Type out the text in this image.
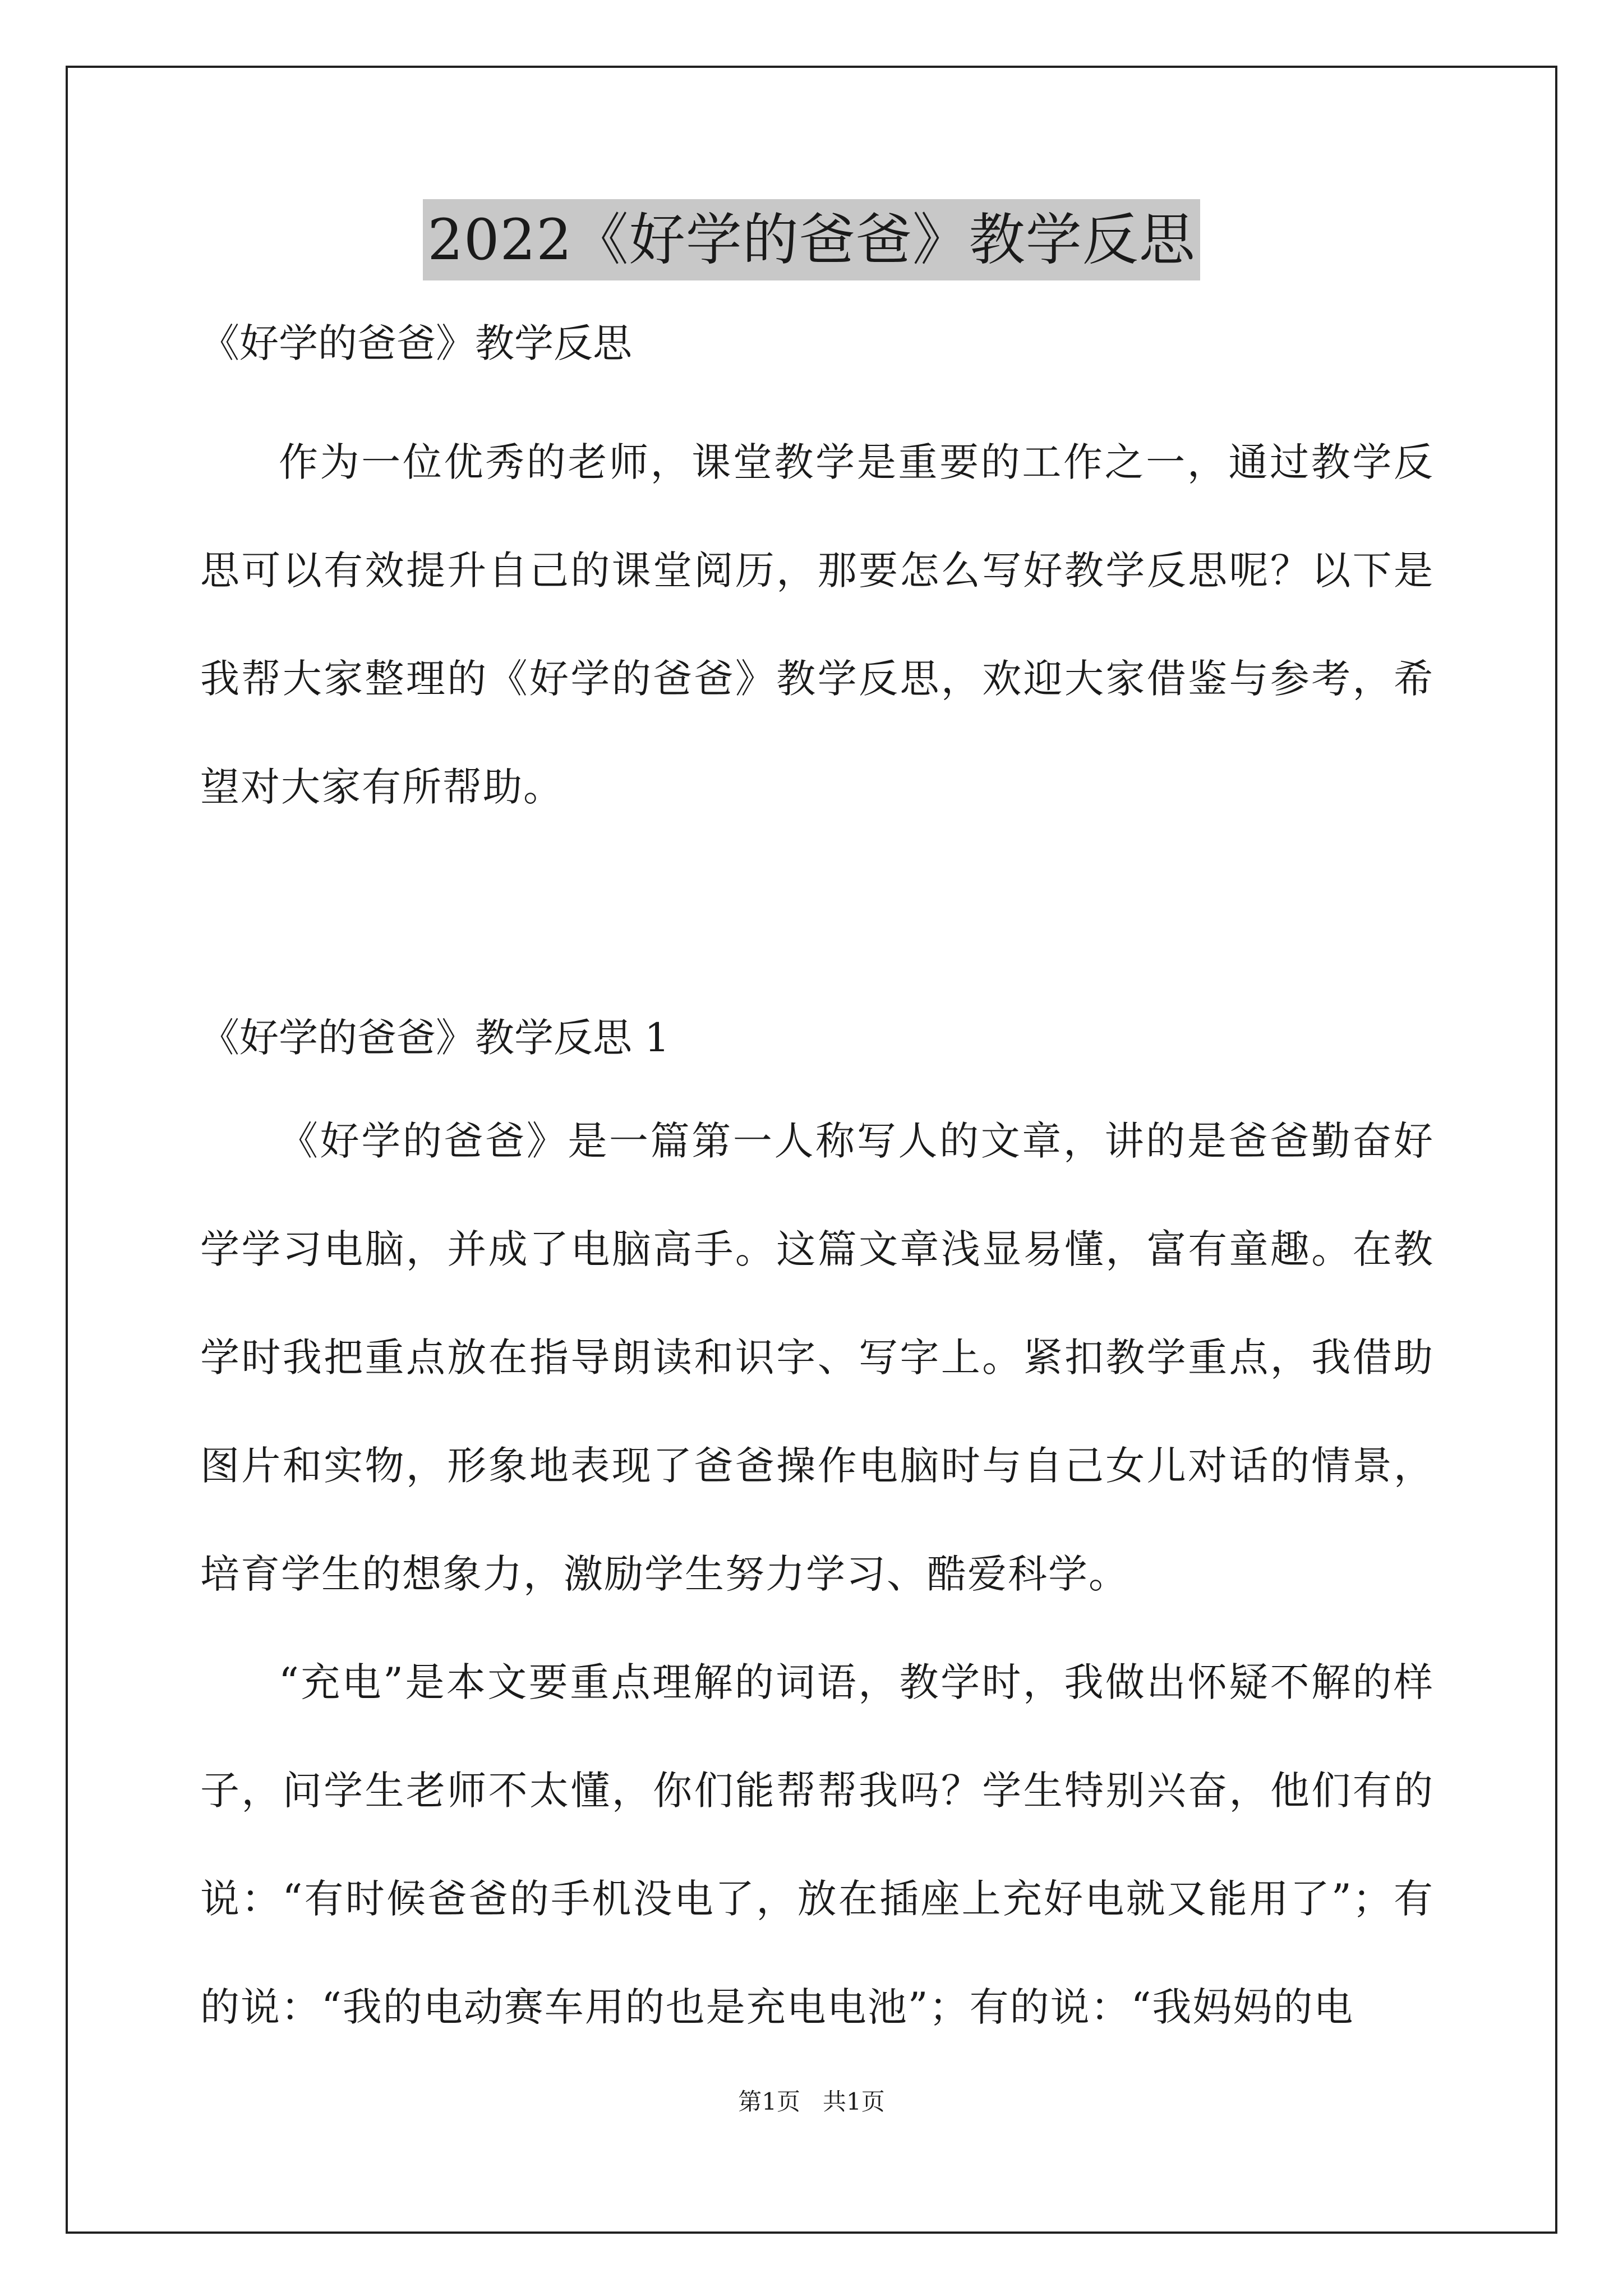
2022《好学的爸爸》教学反思

《好学的爸爸》教学反思

作为一位优秀的老师，课堂教学是重要的工作之一，通过教学反思可以有效提升自己的课堂阅历，那要怎么写好教学反思呢？以下是我帮大家整理的《好学的爸爸》教学反思，欢迎大家借鉴与参考，希望对大家有所帮助。

《好学的爸爸》教学反思 1

《好学的爸爸》是一篇第一人称写人的文章，讲的是爸爸勤奋好学学习电脑，并成了电脑高手。这篇文章浅显易懂，富有童趣。在教学时我把重点放在指导朗读和识字、写字上。紧扣教学重点，我借助图片和实物，形象地表现了爸爸操作电脑时与自己女儿对话的情景，培育学生的想象力，激励学生努力学习、酷爱科学。

“充电”是本文要重点理解的词语，教学时，我做出怀疑不解的样子，问学生老师不太懂，你们能帮帮我吗？学生特别兴奋，他们有的说：“有时候爸爸的手机没电了，放在插座上充好电就又能用了”；有的说：“我的电动赛车用的也是充电电池”；有的说：“我妈妈的电

第1页   共1页
